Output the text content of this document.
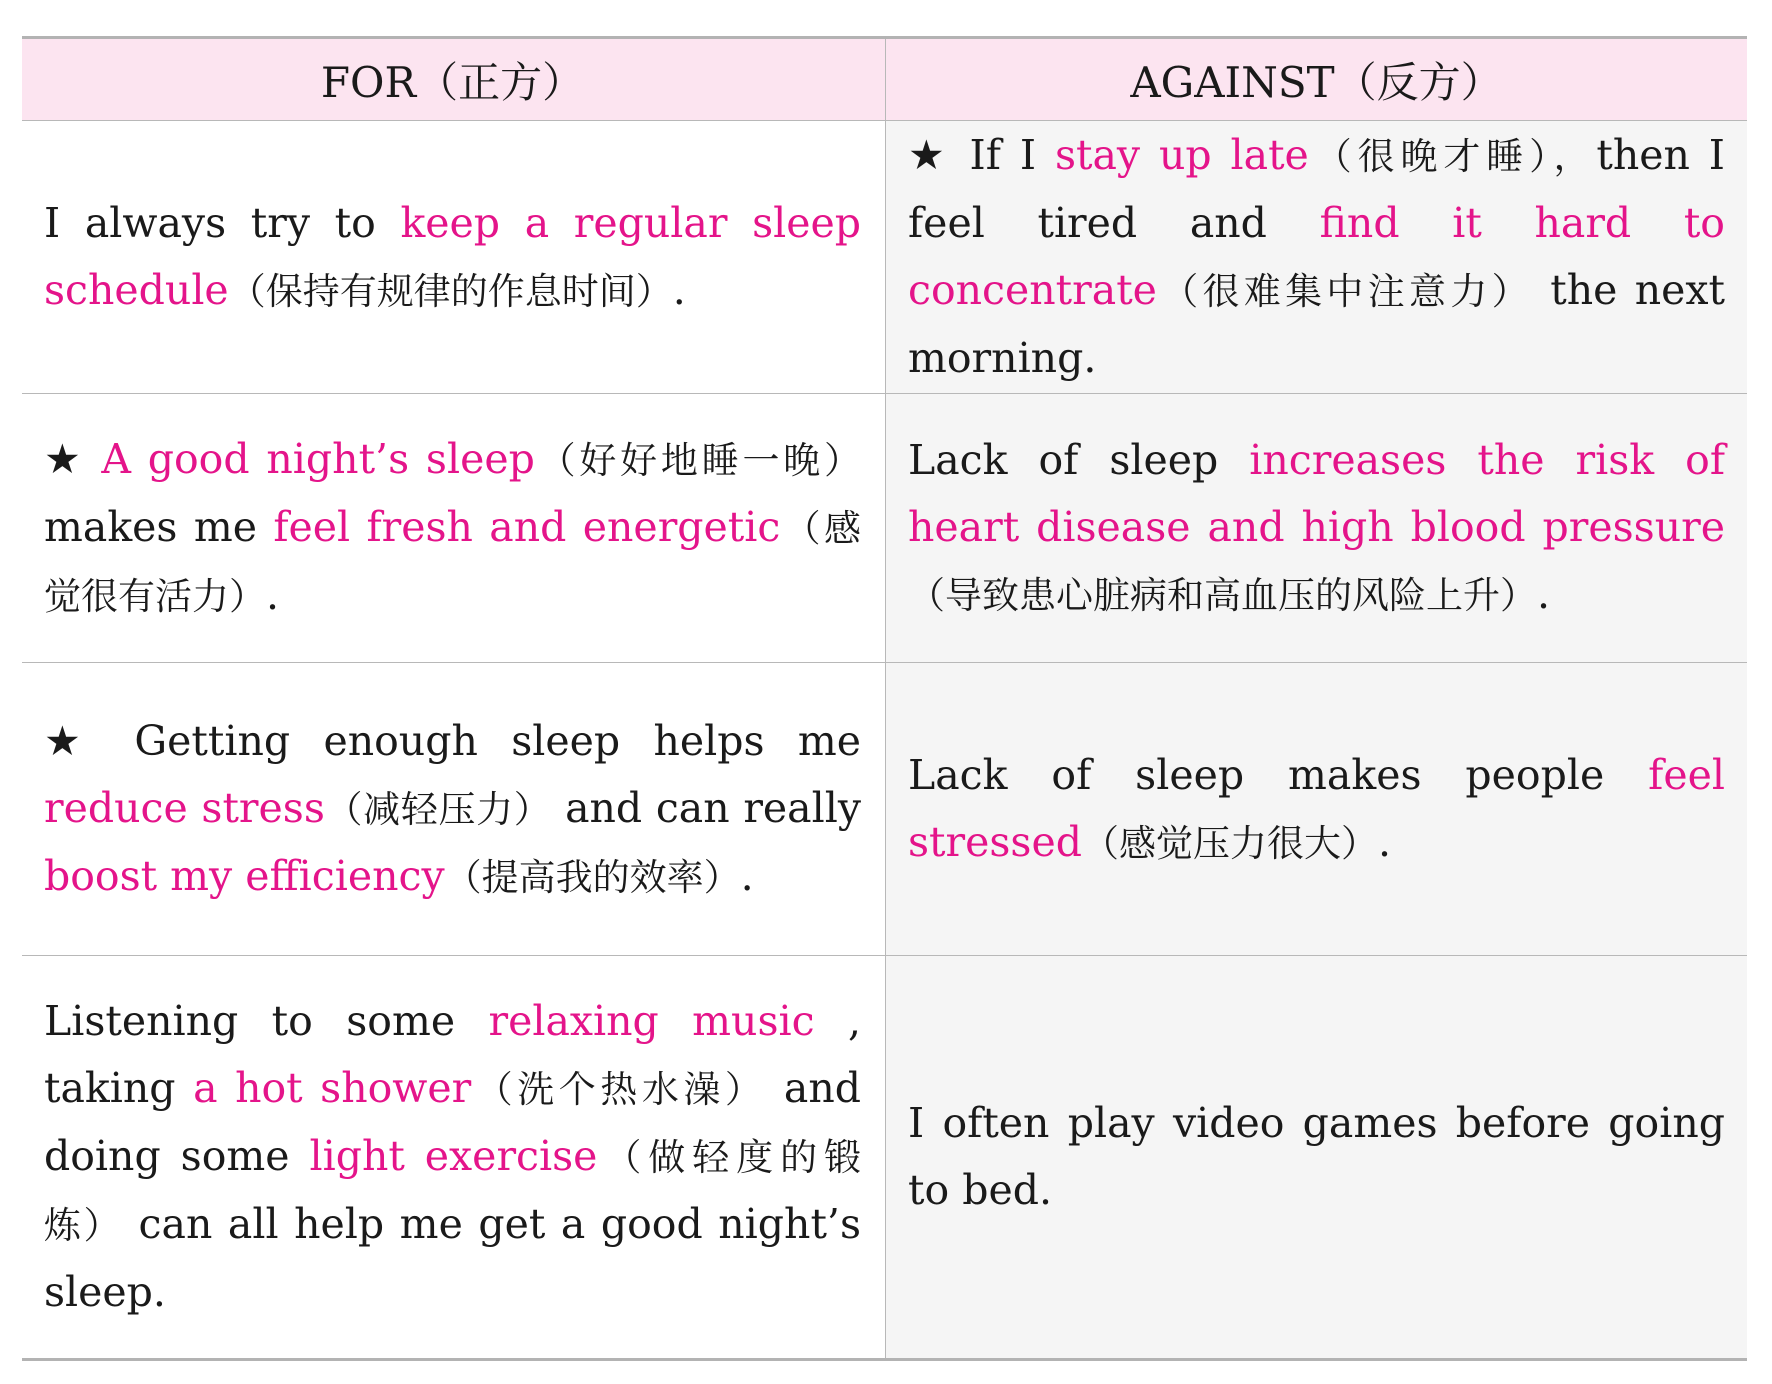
FOR（正方）	AGAINST（反方）
I always try to keep a regular sleep schedule（保持有规律的作息时间）.
★ If I stay up late（很晚才睡），then I feel tired and find it hard to concentrate（很难集中注意力） the next morning.
★ A good night’s sleep（好好地睡一晚） makes me feel fresh and energetic（感觉很有活力）.
Lack of sleep increases the risk of heart disease and high blood pressure（导致患心脏病和高血压的风险上升）.
★ Getting enough sleep helps me reduce stress（减轻压力） and can really boost my efficiency（提高我的效率）.
Lack of sleep makes people feel stressed（感觉压力很大）.
Listening to some relaxing music , taking a hot shower（洗个热水澡） and doing some light exercise（做轻度的锻炼） can all help me get a good night’s sleep.
I often play video games before going to bed.
